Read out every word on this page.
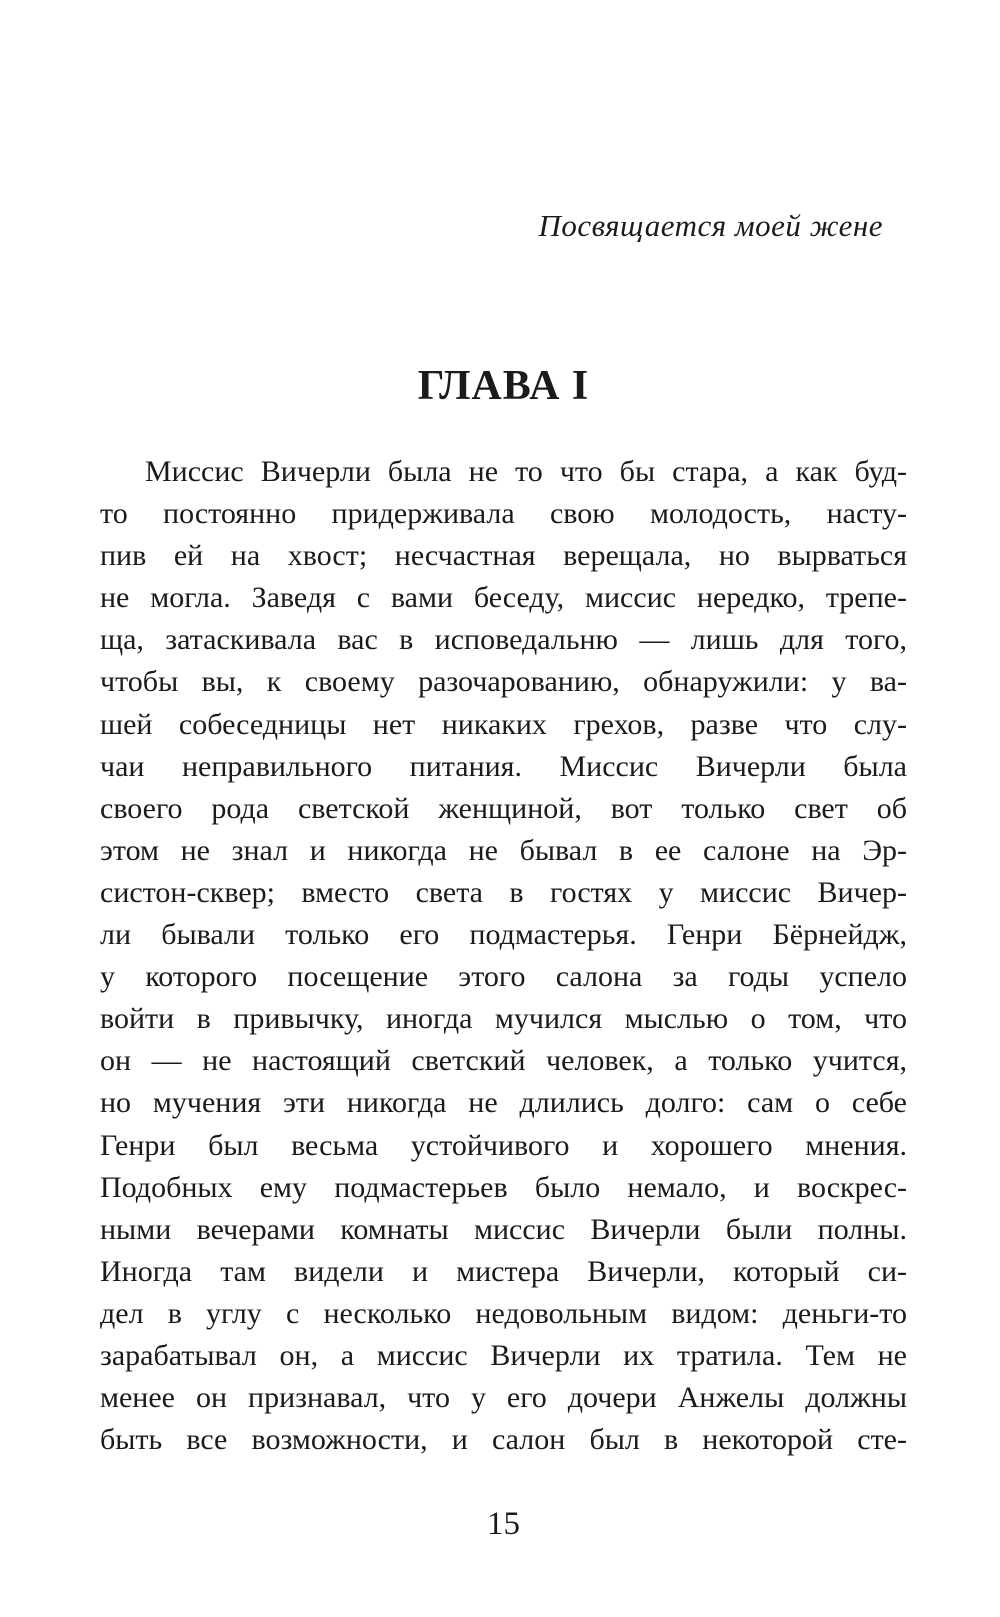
Посвящается моей жене
ГЛАВА I
Миссис Вичерли была не то что бы стара, а как буд-
то постоянно придерживала свою молодость, насту-
пив ей на хвост; несчастная верещала, но вырваться
не могла. Заведя с вами беседу, миссис нередко, трепе-
ща, затаскивала вас в исповедальню — лишь для того,
чтобы вы, к своему разочарованию, обнаружили: у ва-
шей собеседницы нет никаких грехов, разве что слу-
чаи неправильного питания. Миссис Вичерли была
своего рода светской женщиной, вот только свет об
этом не знал и никогда не бывал в ее салоне на Эр-
систон-сквер; вместо света в гостях у миссис Вичер-
ли бывали только его подмастерья. Генри Бёрнейдж,
у которого посещение этого салона за годы успело
войти в привычку, иногда мучился мыслью о том, что
он — не настоящий светский человек, а только учится,
но мучения эти никогда не длились долго: сам о себе
Генри был весьма устойчивого и хорошего мнения.
Подобных ему подмастерьев было немало, и воскрес-
ными вечерами комнаты миссис Вичерли были полны.
Иногда там видели и мистера Вичерли, который си-
дел в углу с несколько недовольным видом: деньги-то
зарабатывал он, а миссис Вичерли их тратила. Тем не
менее он признавал, что у его дочери Анжелы должны
быть все возможности, и салон был в некоторой сте-
15
